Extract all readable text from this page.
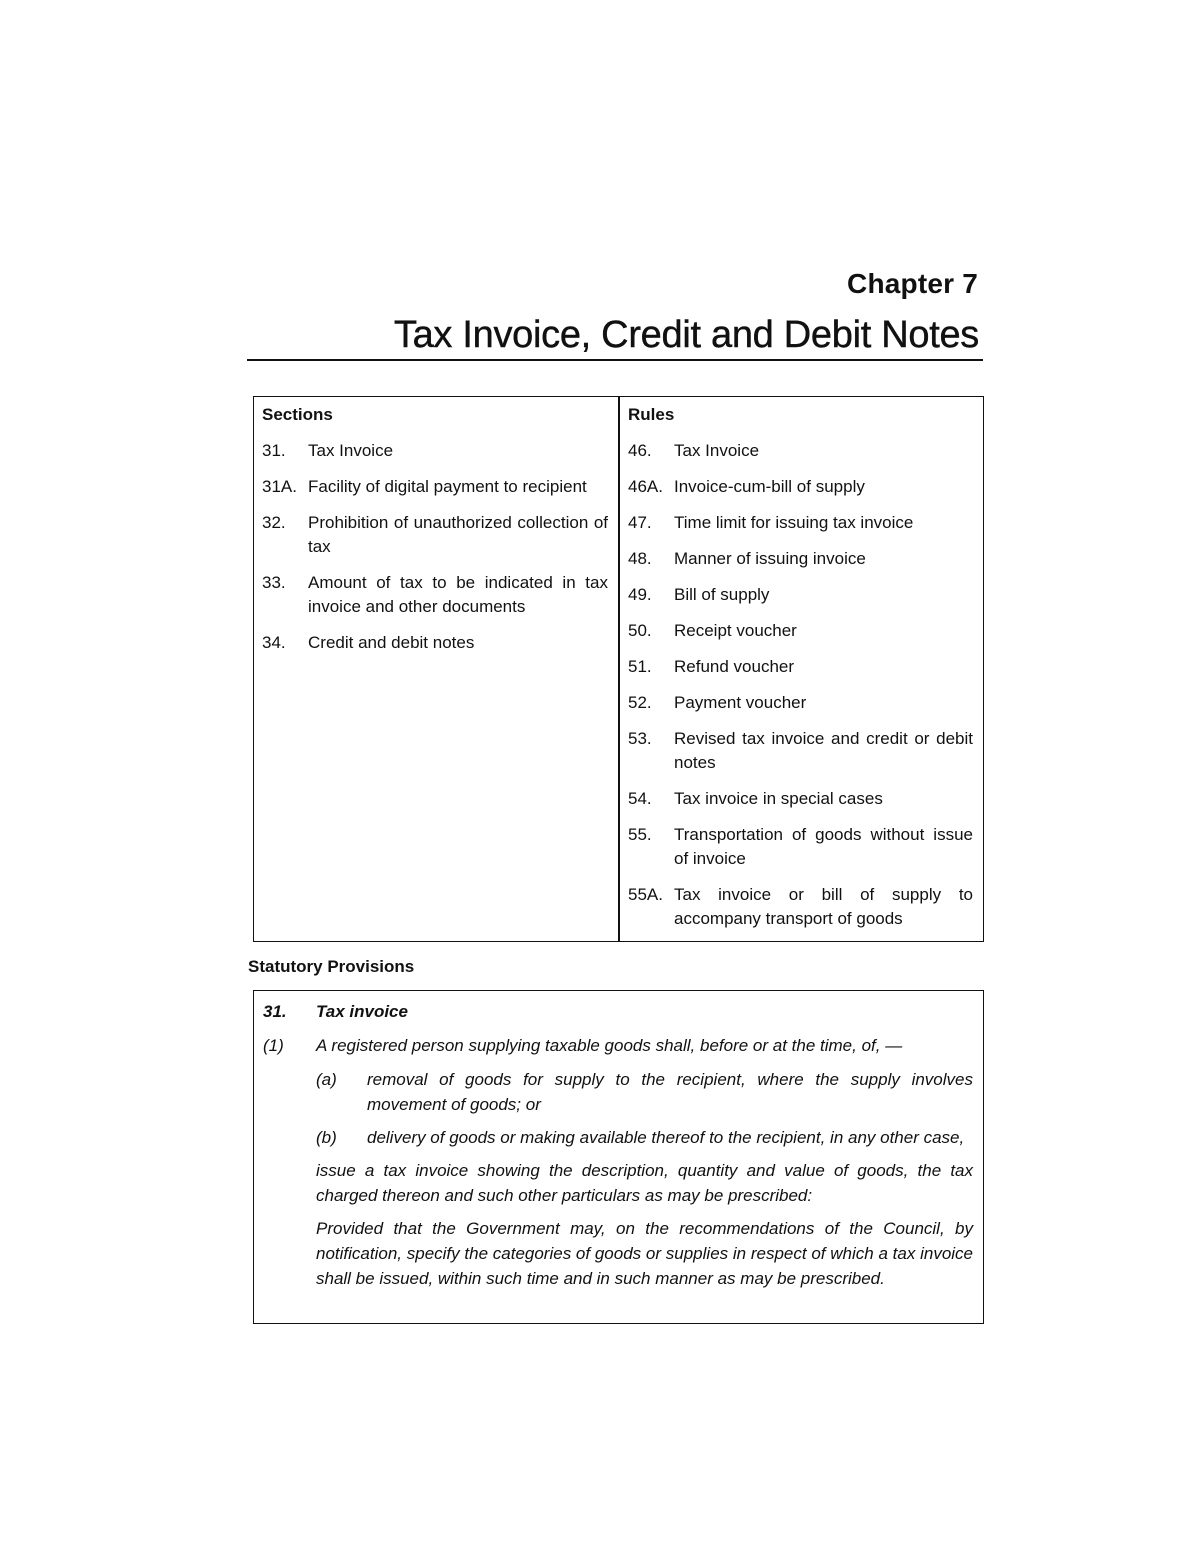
Chapter 7
Tax Invoice, Credit and Debit Notes
Sections
31.	Tax Invoice
31A. Facility of digital payment to recipient
32.	Prohibition of unauthorized collection of tax
33.	Amount of tax to be indicated in tax invoice and other documents
34.	Credit and debit notes
Rules
46.	Tax Invoice
46A. Invoice-cum-bill of supply
47.	Time limit for issuing tax invoice
48.	Manner of issuing invoice
49.	Bill of supply
50.	Receipt voucher
51.	Refund voucher
52.	Payment voucher
53.	Revised tax invoice and credit or debit notes
54.	Tax invoice in special cases
55.	Transportation of goods without issue of invoice
55A. Tax invoice or bill of supply to accompany transport of goods
Statutory Provisions
31.	Tax invoice
(1)	A registered person supplying taxable goods shall, before or at the time, of, —
(a)	removal of goods for supply to the recipient, where the supply involves movement of goods; or
(b)	delivery of goods or making available thereof to the recipient, in any other case,
issue a tax invoice showing the description, quantity and value of goods, the tax charged thereon and such other particulars as may be prescribed:
Provided that the Government may, on the recommendations of the Council, by notification, specify the categories of goods or supplies in respect of which a tax invoice shall be issued, within such time and in such manner as may be prescribed.
